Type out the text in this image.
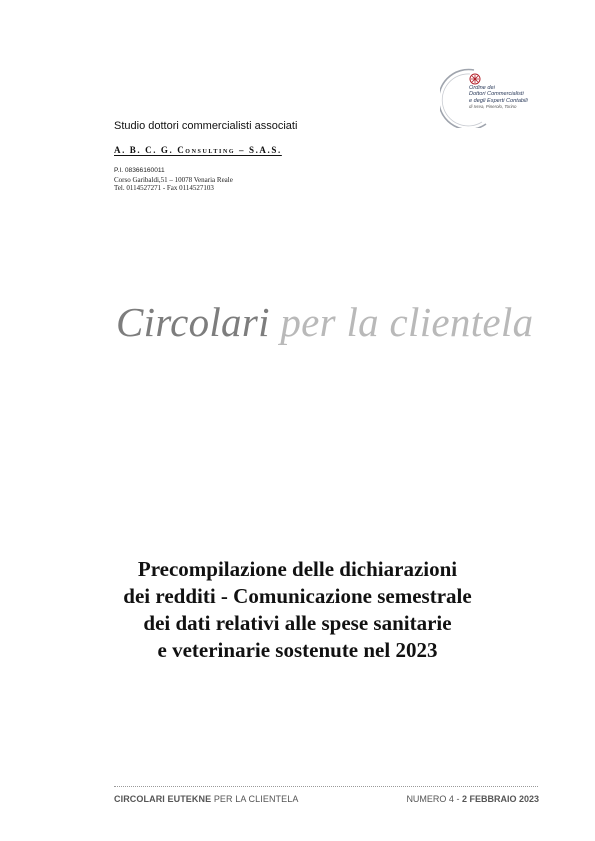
Ordine dei
Dottori Commercialisti
e degli Esperti Contabili
di Ivrea, Pinerolo, Torino
Studio dottori commercialisti associati
A. B. C. G. Consulting – S.A.S.
P.I. 08366160011
Corso Garibaldi,51 – 10078 Venaria Reale
Tel. 0114527271 - Fax 0114527103
Circolari per la clientela
Precompilazione delle dichiarazioni
dei redditi - Comunicazione semestrale
dei dati relativi alle spese sanitarie
e veterinarie sostenute nel 2023
CIRCOLARI EUTEKNE PER LA CLIENTELA	NUMERO 4 - 2 FEBBRAIO 2023
